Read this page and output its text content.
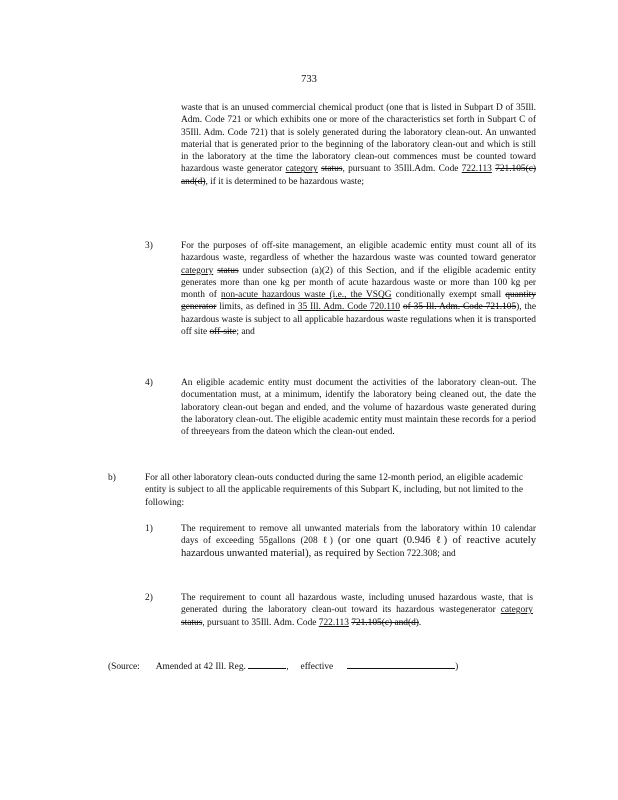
733

waste that is an unused commercial chemical product (one that is listed in Subpart D of 35Ill. Adm. Code 721 or which exhibits one or more of the characteristics set forth in Subpart C of 35Ill. Adm. Code 721) that is solely generated during the laboratory clean-out. An unwanted material that is generated prior to the beginning of the laboratory clean-out and which is still in the laboratory at the time the laboratory clean-out commences must be counted toward hazardous waste generator category status, pursuant to 35Ill.Adm. Code 722.113 721.105(c) and(d), if it is determined to be hazardous waste;

3)	For the purposes of off-site management, an eligible academic entity must count all of its hazardous waste, regardless of whether the hazardous waste was counted toward generator category status under subsection (a)(2) of this Section, and if the eligible academic entity generates more than one kg per month of acute hazardous waste or more than 100 kg per month of non-acute hazardous waste (i.e., the VSQG conditionally exempt small quantity generator limits, as defined in 35 Ill. Adm. Code 720.110 of 35 Ill. Adm. Code 721.105), the hazardous waste is subject to all applicable hazardous waste regulations when it is transported off site off-site; and

4)	An eligible academic entity must document the activities of the laboratory clean-out. The documentation must, at a minimum, identify the laboratory being cleaned out, the date the laboratory clean-out began and ended, and the volume of hazardous waste generated during the laboratory clean-out. The eligible academic entity must maintain these records for a period of threeyears from the dateon which the clean-out ended.

b)	For all other laboratory clean-outs conducted during the same 12-month period, an eligible academic entity is subject to all the applicable requirements of this Subpart K, including, but not limited to the following:

1)	The requirement to remove all unwanted materials from the laboratory within 10 calendar days of exceeding 55gallons (208 ℓ) (or one quart (0.946 ℓ) of reactive acutely hazardous unwanted material), as required by Section 722.308; and

2)	The requirement to count all hazardous waste, including unused hazardous waste, that is generated during the laboratory clean-out toward its hazardous wastegenerator category status, pursuant to 35Ill. Adm. Code 722.113 721.105(c) and(d).

(Source: Amended at 42 Ill. Reg.	, effective	)
